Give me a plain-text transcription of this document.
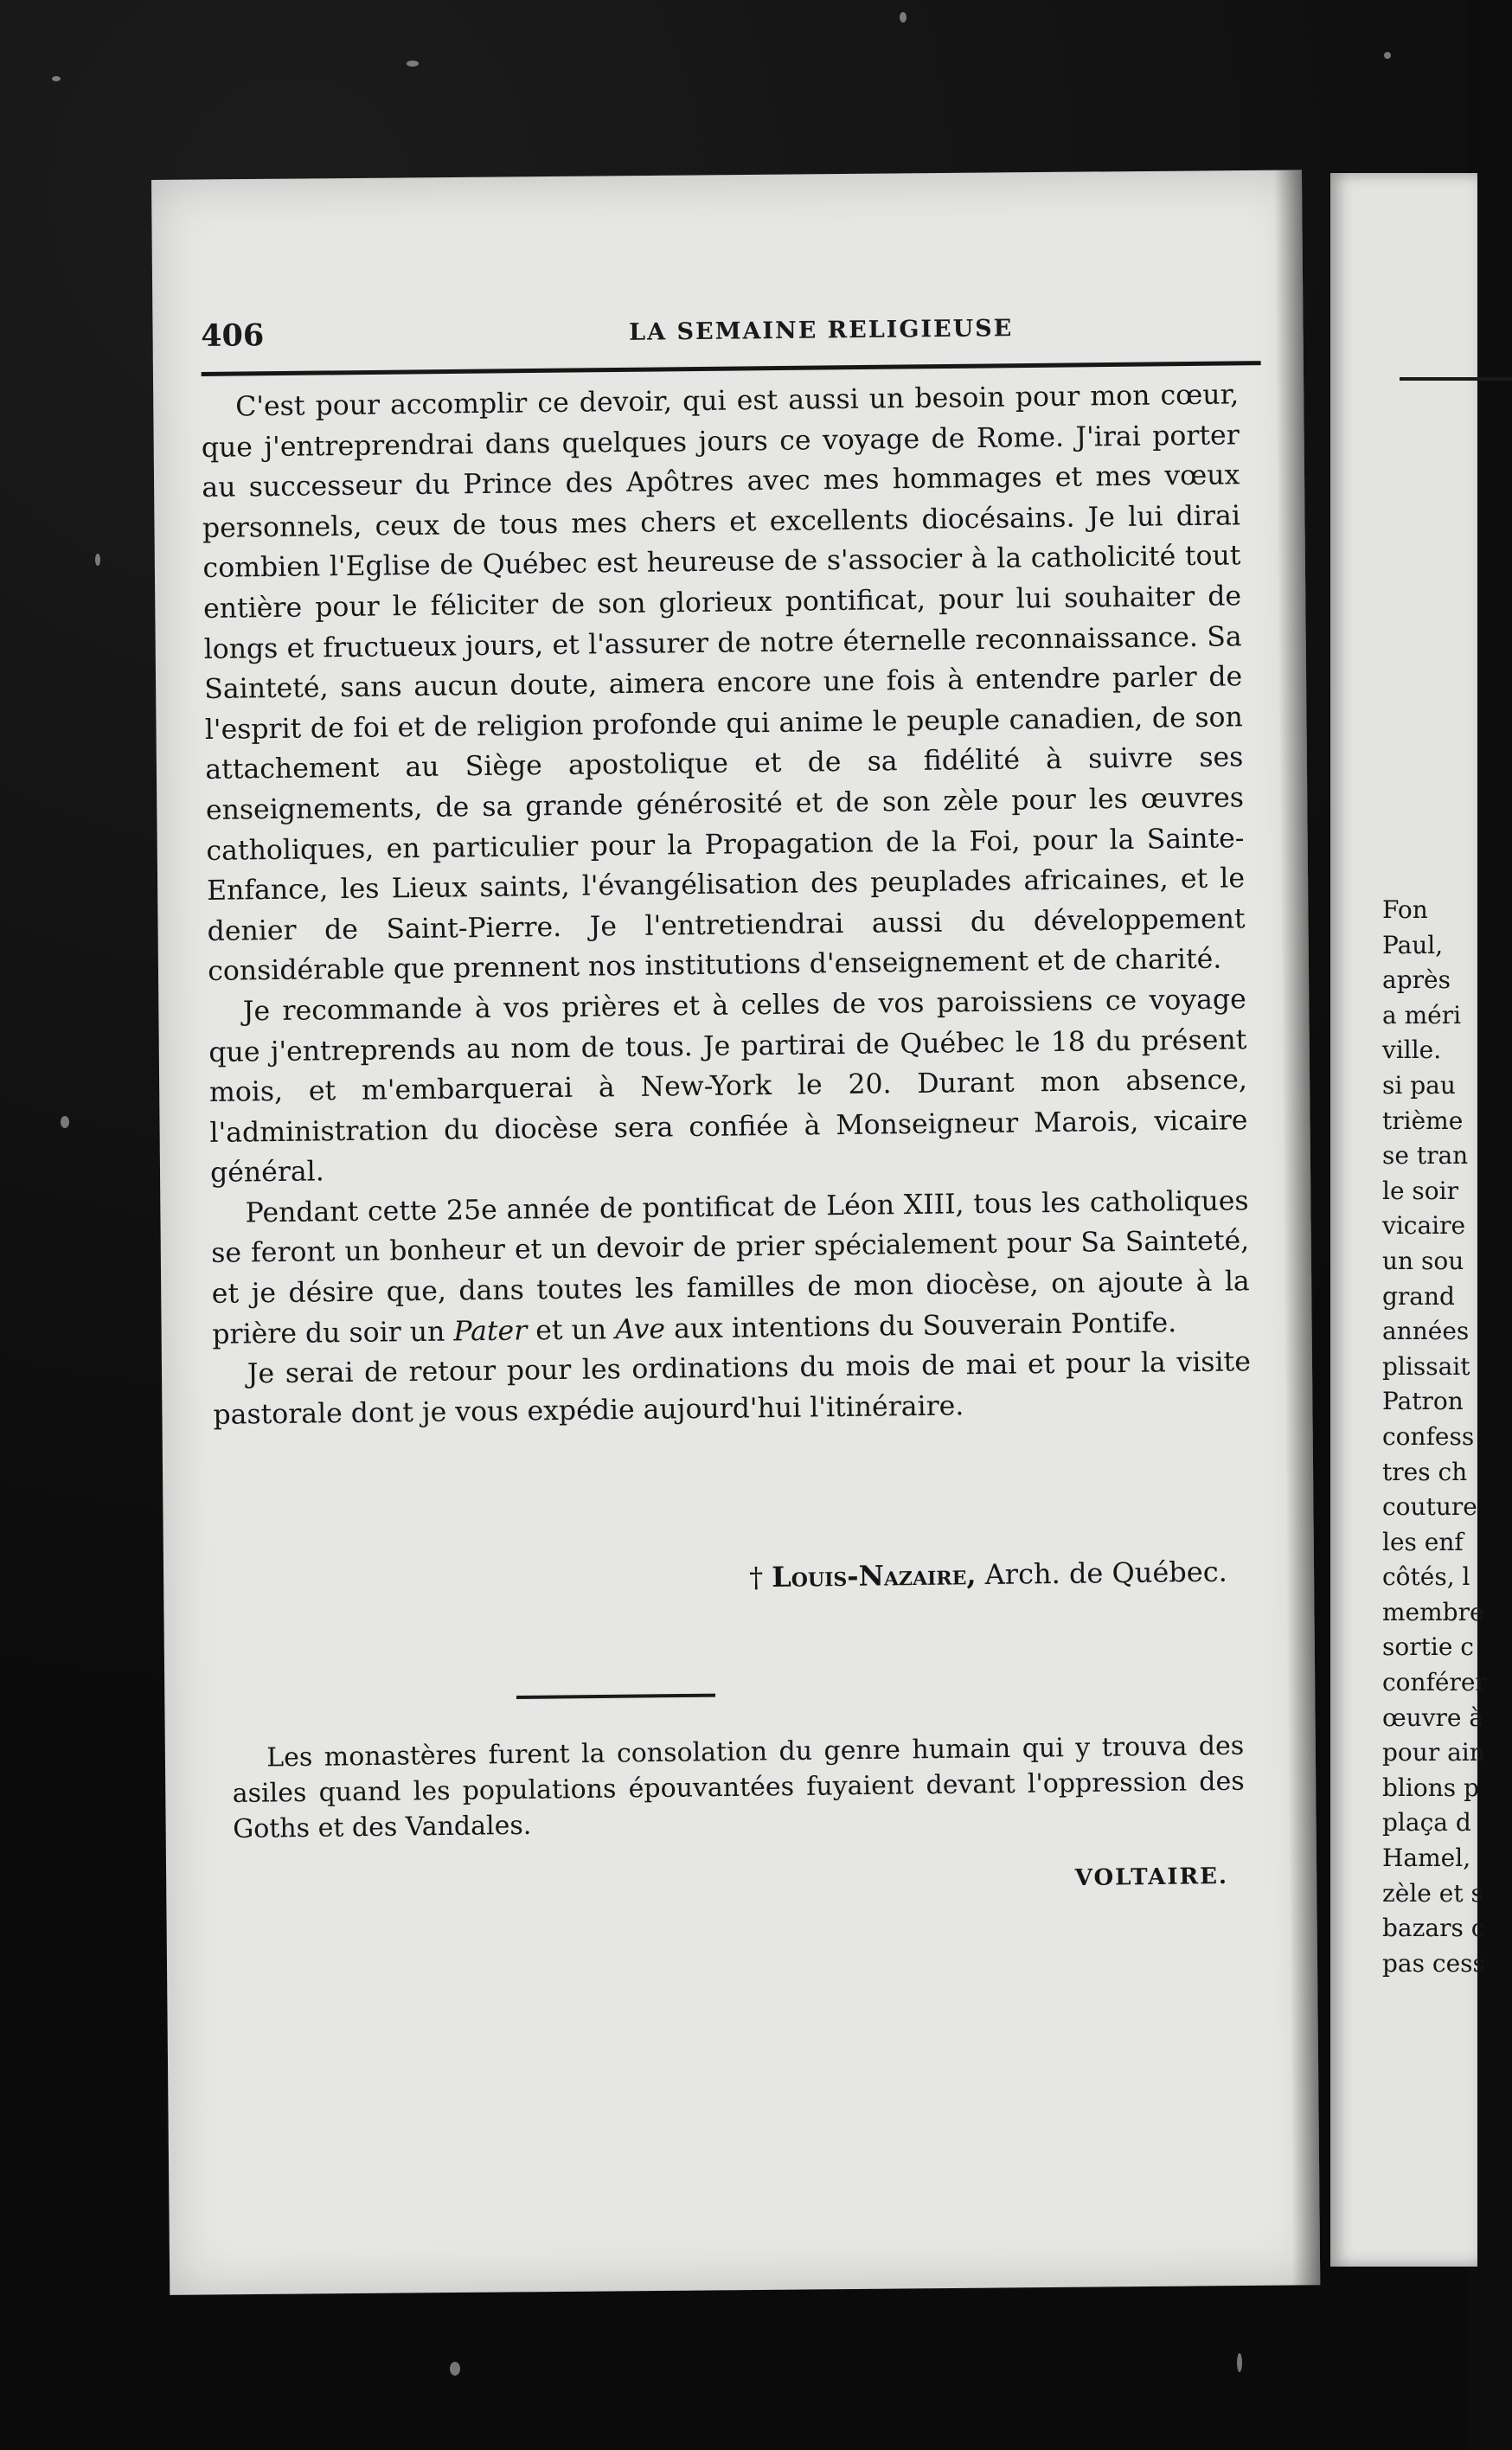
406	LA SEMAINE RELIGIEUSE

C'est pour accomplir ce devoir, qui est aussi un besoin pour mon cœur, que j'entreprendrai dans quelques jours ce voyage de Rome. J'irai porter au successeur du Prince des Apôtres avec mes hommages et mes vœux personnels, ceux de tous mes chers et excellents diocésains. Je lui dirai combien l'Eglise de Québec est heureuse de s'associer à la catholicité tout entière pour le féliciter de son glorieux pontificat, pour lui souhaiter de longs et fructueux jours, et l'assurer de notre éternelle reconnaissance. Sa Sainteté, sans aucun doute, aimera encore une fois à entendre parler de l'esprit de foi et de religion profonde qui anime le peuple canadien, de son attachement au Siège apostolique et de sa fidélité à suivre ses enseignements, de sa grande générosité et de son zèle pour les œuvres catholiques, en particulier pour la Propagation de la Foi, pour la Sainte-Enfance, les Lieux saints, l'évangélisation des peuplades africaines, et le denier de Saint-Pierre. Je l'entretiendrai aussi du développement considérable que prennent nos institutions d'enseignement et de charité.

Je recommande à vos prières et à celles de vos paroissiens ce voyage que j'entreprends au nom de tous. Je partirai de Québec le 18 du présent mois, et m'embarquerai à New-York le 20. Durant mon absence, l'administration du diocèse sera confiée à Monseigneur Marois, vicaire général.

Pendant cette 25e année de pontificat de Léon XIII, tous les catholiques se feront un bonheur et un devoir de prier spécialement pour Sa Sainteté, et je désire que, dans toutes les familles de mon diocèse, on ajoute à la prière du soir un Pater et un Ave aux intentions du Souverain Pontife.

Je serai de retour pour les ordinations du mois de mai et pour la visite pastorale dont je vous expédie aujourd'hui l'itinéraire.

† Louis-Nazaire, Arch. de Québec.

Les monastères furent la consolation du genre humain qui y trouva des asiles quand les populations épouvantées fuyaient devant l'oppression des Goths et des Vandales.

VOLTAIRE.
Fon
Paul,
après
a méri
ville.
si pau
trième
se tran
le soir
vicaire
un sou
grand
années
plissait
Patron
confess
tres ch
couture
les enf
côtés, l
membre
sortie c
conférer
œuvre à
pour ain
blions p
plaça d
Hamel,
zèle et s
bazars c
pas cess
